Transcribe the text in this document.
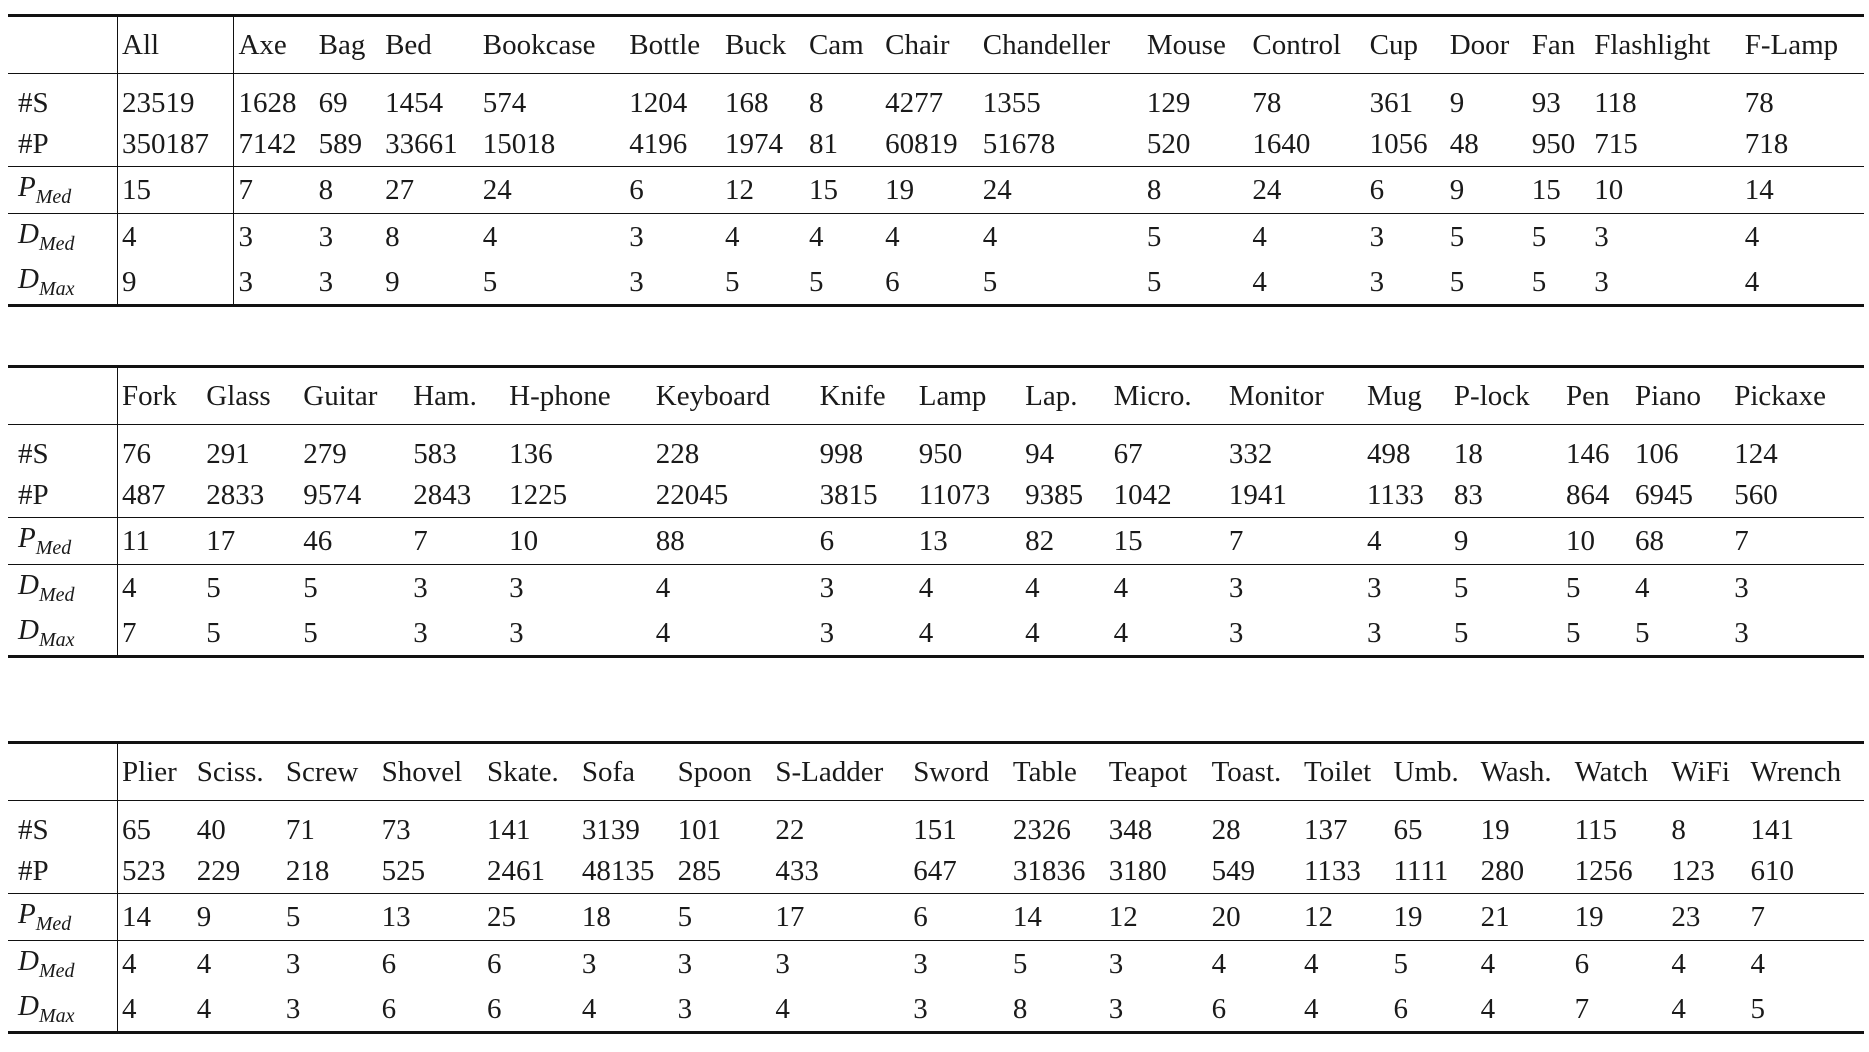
	All	Axe	Bag	Bed	Bookcase	Bottle	Buck	Cam	Chair	Chandeller	Mouse	Control	Cup	Door	Fan	Flashlight	F-Lamp
#S	23519	1628	69	1454	574	1204	168	8	4277	1355	129	78	361	9	93	118	78
#P	350187	7142	589	33661	15018	4196	1974	81	60819	51678	520	1640	1056	48	950	715	718
$P_{Med}$	15	7	8	27	24	6	12	15	19	24	8	24	6	9	15	10	14
$D_{Med}$	4	3	3	8	4	3	4	4	4	4	5	4	3	5	5	3	4
$D_{Max}$	9	3	3	9	5	3	5	5	6	5	5	4	3	5	5	3	4
	Fork	Glass	Guitar	Ham.	H-phone	Keyboard	Knife	Lamp	Lap.	Micro.	Monitor	Mug	P-lock	Pen	Piano	Pickaxe
#S	76	291	279	583	136	228	998	950	94	67	332	498	18	146	106	124
#P	487	2833	9574	2843	1225	22045	3815	11073	9385	1042	1941	1133	83	864	6945	560
$P_{Med}$	11	17	46	7	10	88	6	13	82	15	7	4	9	10	68	7
$D_{Med}$	4	5	5	3	3	4	3	4	4	4	3	3	5	5	4	3
$D_{Max}$	7	5	5	3	3	4	3	4	4	4	3	3	5	5	5	3
	Plier	Sciss.	Screw	Shovel	Skate.	Sofa	Spoon	S-Ladder	Sword	Table	Teapot	Toast.	Toilet	Umb.	Wash.	Watch	WiFi	Wrench
#S	65	40	71	73	141	3139	101	22	151	2326	348	28	137	65	19	115	8	141
#P	523	229	218	525	2461	48135	285	433	647	31836	3180	549	1133	1111	280	1256	123	610
$P_{Med}$	14	9	5	13	25	18	5	17	6	14	12	20	12	19	21	19	23	7
$D_{Med}$	4	4	3	6	6	3	3	3	3	5	3	4	4	5	4	6	4	4
$D_{Max}$	4	4	3	6	6	4	3	4	3	8	3	6	4	6	4	7	4	5
